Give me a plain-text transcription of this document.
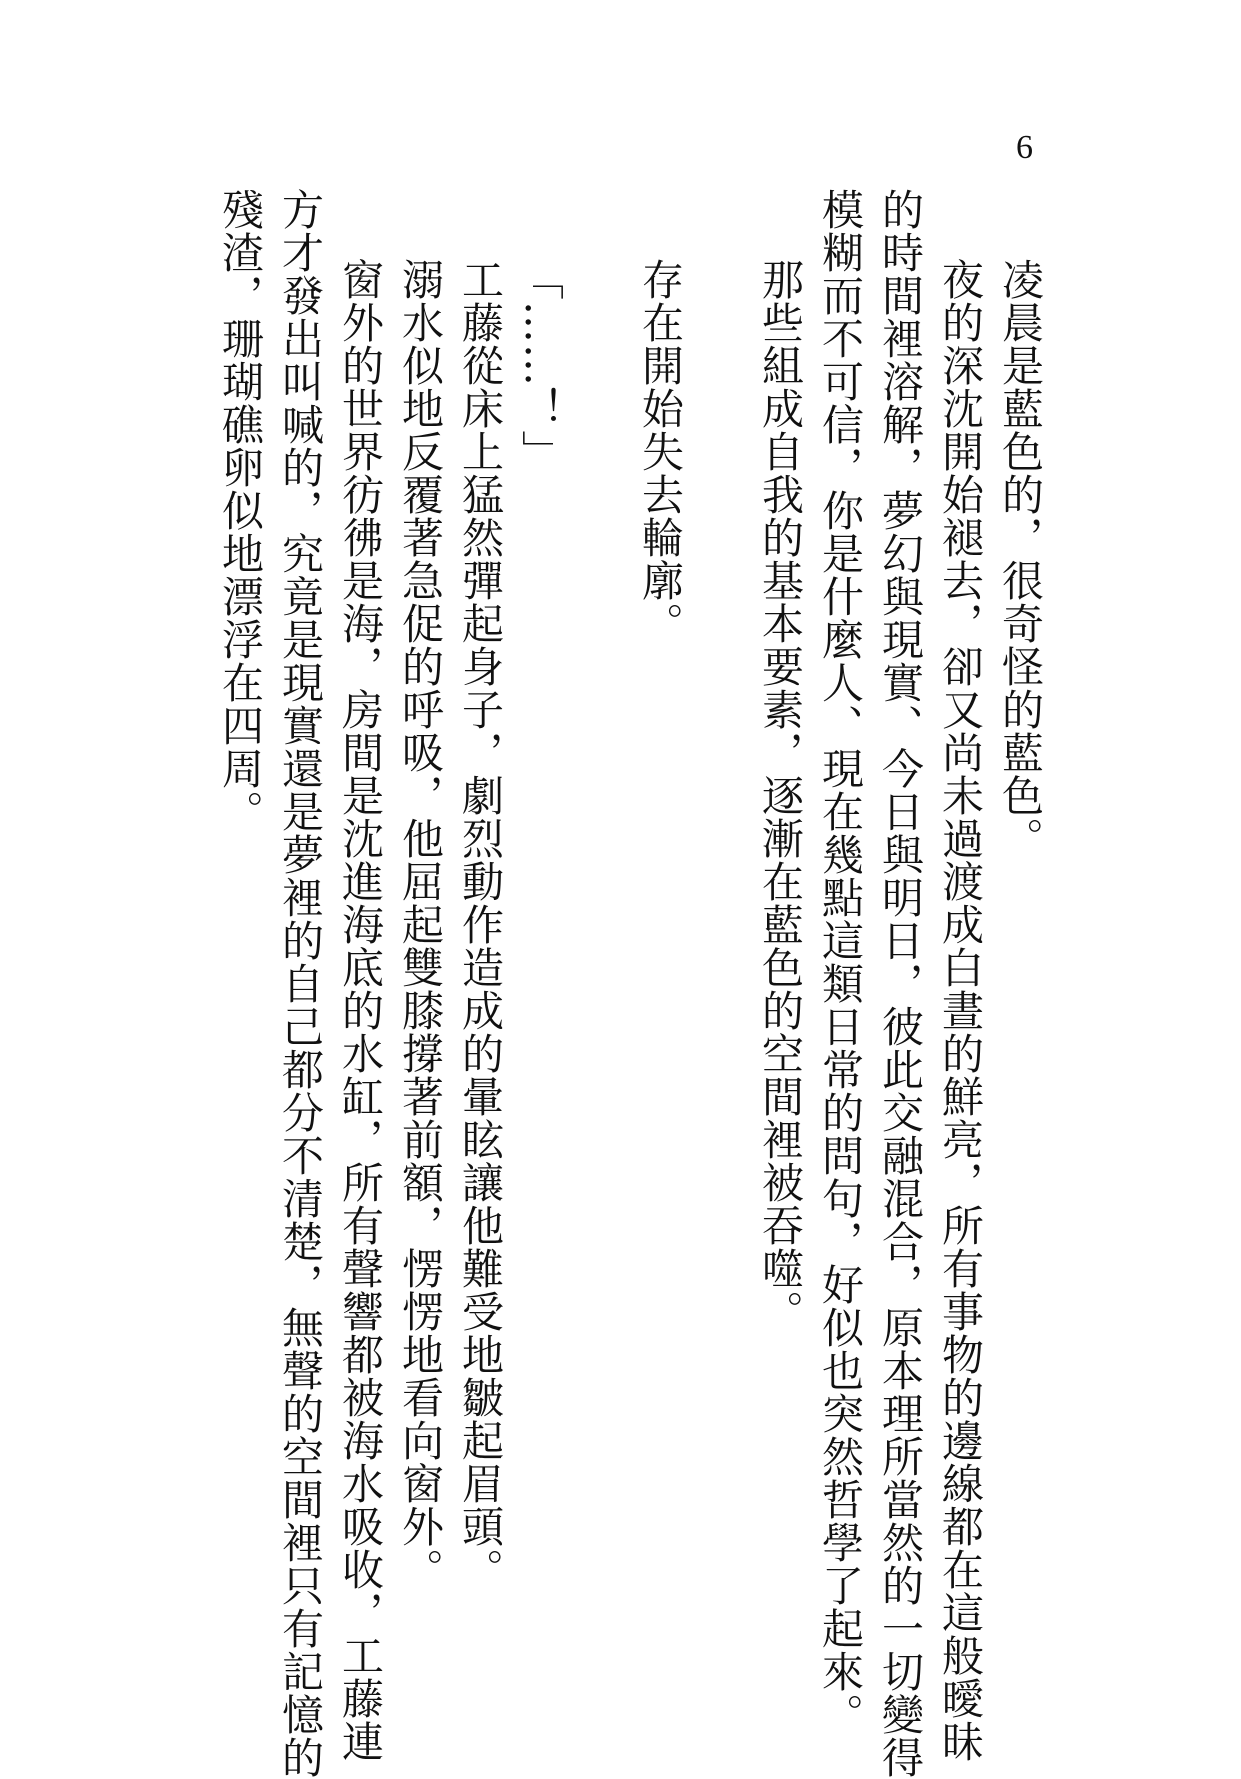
6
凌晨是藍色的，很奇怪的藍色。
夜的深沈開始褪去，卻又尚未過渡成白晝的鮮亮，所有事物的邊線都在這般曖昧
的時間裡溶解，夢幻與現實、今日與明日，彼此交融混合，原本理所當然的一切變得
模糊而不可信，你是什麼人、現在幾點這類日常的問句，好似也突然哲學了起來。
那些組成自我的基本要素，逐漸在藍色的空間裡被吞噬。
存在開始失去輪廓。
「……！」
工藤從床上猛然彈起身子，劇烈動作造成的暈眩讓他難受地皺起眉頭。
溺水似地反覆著急促的呼吸，他屈起雙膝撐著前額，愣愣地看向窗外。
窗外的世界彷彿是海，房間是沈進海底的水缸，所有聲響都被海水吸收，工藤連
方才發出叫喊的，究竟是現實還是夢裡的自己都分不清楚，無聲的空間裡只有記憶的
殘渣，珊瑚礁卵似地漂浮在四周。
